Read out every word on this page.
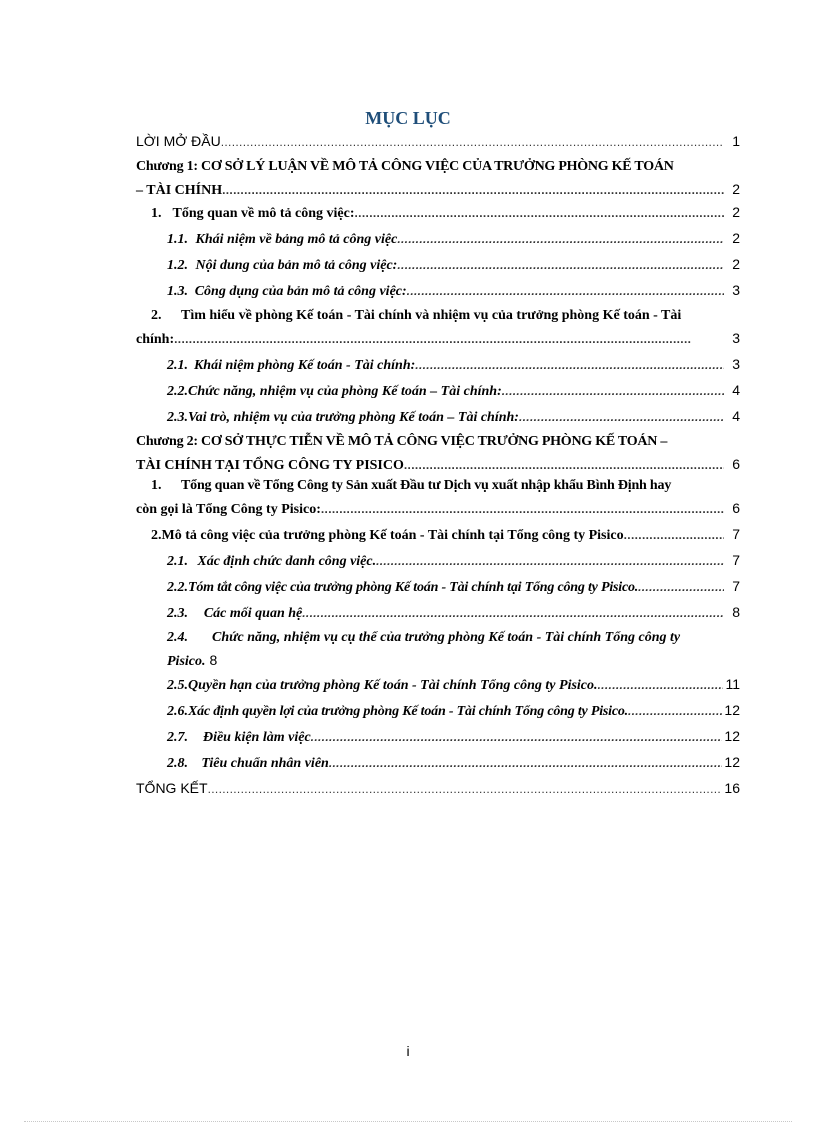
MỤC LỤC
LỜI MỞ ĐẦU . . .	1
Chương 1: CƠ SỞ LÝ LUẬN VỀ MÔ TẢ CÔNG VIỆC CỦA TRƯỞNG PHÒNG KẾ TOÁN
– TÀI CHÍNH . . .	2
1. Tổng quan về mô tả công việc: . . .	2
1.1. Khái niệm về bảng mô tả công việc . . .	2
1.2. Nội dung của bản mô tả công việc: . . .	2
1.3. Công dụng của bản mô tả công việc: . . .	3
2.	Tìm hiểu về phòng Kế toán - Tài chính và nhiệm vụ của trưởng phòng Kế toán - Tài
chính: . . .	3
2.1. Khái niệm phòng Kế toán - Tài chính: . . .	3
2.2. Chức năng, nhiệm vụ của phòng Kế toán – Tài chính: . . .	4
2.3. Vai trò, nhiệm vụ của trưởng phòng Kế toán – Tài chính: . . .	4
Chương 2: CƠ SỞ THỰC TIỄN VỀ MÔ TẢ CÔNG VIỆC TRƯỞNG PHÒNG KẾ TOÁN –
TÀI CHÍNH TẠI TỔNG CÔNG TY PISICO . . .	6
1.	Tổng quan về Tổng Công ty Sản xuất Đầu tư Dịch vụ xuất nhập khẩu Bình Định hay
còn gọi là Tổng Công ty Pisico: . . .	6
2. Mô tả công việc của trưởng phòng Kế toán - Tài chính tại Tổng công ty Pisico . . .	7
2.1. Xác định chức danh công việc. . . .	7
2.2. Tóm tắt công việc của trưởng phòng Kế toán - Tài chính tại Tổng công ty Pisico. . . .	7
2.3.	Các mối quan hệ . . .	8
2.4.	Chức năng, nhiệm vụ cụ thể của trưởng phòng Kế toán - Tài chính Tổng công ty
Pisico. 8
2.5. Quyền hạn của trưởng phòng Kế toán - Tài chính Tổng công ty Pisico. . . .	11
2.6. Xác định quyền lợi của trưởng phòng Kế toán - Tài chính Tổng công ty Pisico. . . .	12
2.7.	Điều kiện làm việc . . .	12
2.8. Tiêu chuẩn nhân viên . . .	12
TỔNG KẾT . . .	16
i
